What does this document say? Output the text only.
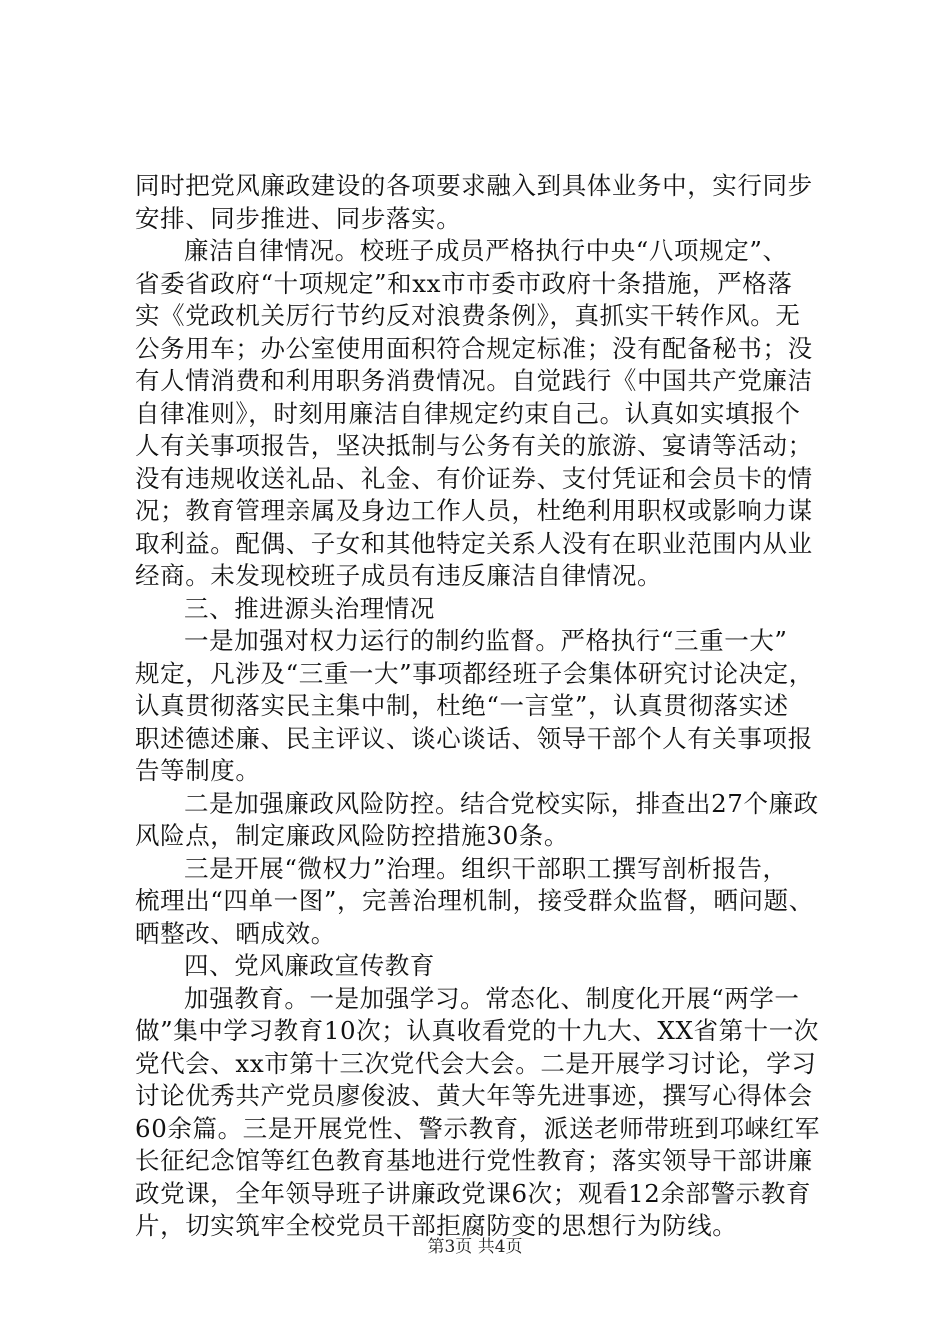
同时把党风廉政建设的各项要求融入到具体业务中，实行同步
安排、同步推进、同步落实。
廉洁自律情况。校班子成员严格执行中央“八项规定”、
省委省政府“十项规定”和xx市市委市政府十条措施，严格落
实《党政机关厉行节约反对浪费条例》，真抓实干转作风。无
公务用车；办公室使用面积符合规定标准；没有配备秘书；没
有人情消费和利用职务消费情况。自觉践行《中国共产党廉洁
自律准则》，时刻用廉洁自律规定约束自己。认真如实填报个
人有关事项报告，坚决抵制与公务有关的旅游、宴请等活动；
没有违规收送礼品、礼金、有价证券、支付凭证和会员卡的情
况；教育管理亲属及身边工作人员，杜绝利用职权或影响力谋
取利益。配偶、子女和其他特定关系人没有在职业范围内从业
经商。未发现校班子成员有违反廉洁自律情况。
三、推进源头治理情况
一是加强对权力运行的制约监督。严格执行“三重一大”
规定，凡涉及“三重一大”事项都经班子会集体研究讨论决定，
认真贯彻落实民主集中制，杜绝“一言堂”，认真贯彻落实述
职述德述廉、民主评议、谈心谈话、领导干部个人有关事项报
告等制度。
二是加强廉政风险防控。结合党校实际，排查出27个廉政
风险点，制定廉政风险防控措施30条。
三是开展“微权力”治理。组织干部职工撰写剖析报告，
梳理出“四单一图”，完善治理机制，接受群众监督，晒问题、
晒整改、晒成效。
四、党风廉政宣传教育
加强教育。一是加强学习。常态化、制度化开展“两学一
做”集中学习教育10次；认真收看党的十九大、XX省第十一次
党代会、xx市第十三次党代会大会。二是开展学习讨论，学习
讨论优秀共产党员廖俊波、黄大年等先进事迹，撰写心得体会
60余篇。三是开展党性、警示教育，派送老师带班到邛崃红军
长征纪念馆等红色教育基地进行党性教育；落实领导干部讲廉
政党课，全年领导班子讲廉政党课6次；观看12余部警示教育
片，切实筑牢全校党员干部拒腐防变的思想行为防线。
第3页 共4页
